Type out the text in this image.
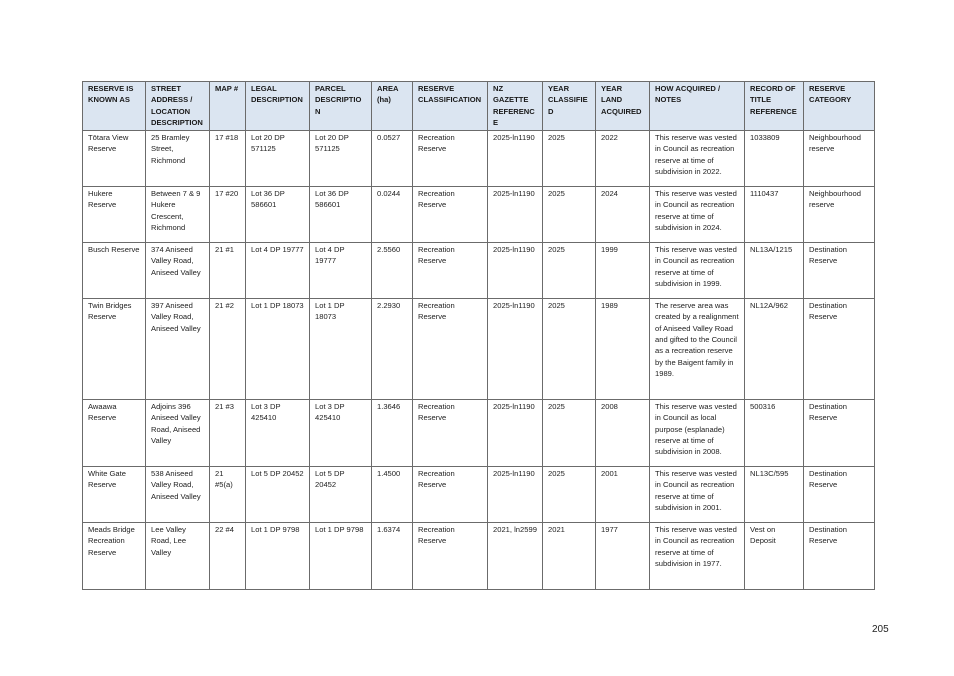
RESERVE IS KNOWN AS	STREET ADDRESS / LOCATION DESCRIPTION	MAP #	LEGAL DESCRIPTION	PARCEL DESCRIPTION	AREA (ha)	RESERVE CLASSIFICATION	NZ GAZETTE REFERENCE	YEAR CLASSIFIED	YEAR LAND ACQUIRED	HOW ACQUIRED / NOTES	RECORD OF TITLE REFERENCE	RESERVE CATEGORY
Tōtara View Reserve	25 Bramley Street, Richmond	17 #18	Lot 20 DP 571125	Lot 20 DP 571125	0.0527	Recreation Reserve	2025-ln1190	2025	2022	This reserve was vested in Council as recreation reserve at time of subdivision in 2022.	1033809	Neighbourhood reserve
Hukere Reserve	Between 7 & 9 Hukere Crescent, Richmond	17 #20	Lot 36 DP 586601	Lot 36 DP 586601	0.0244	Recreation Reserve	2025-ln1190	2025	2024	This reserve was vested in Council as recreation reserve at time of subdivision in 2024.	1110437	Neighbourhood reserve
Busch Reserve	374 Aniseed Valley Road, Aniseed Valley	21 #1	Lot 4 DP 19777	Lot 4 DP 19777	2.5560	Recreation Reserve	2025-ln1190	2025	1999	This reserve was vested in Council as recreation reserve at time of subdivision in 1999.	NL13A/1215	Destination Reserve
Twin Bridges Reserve	397 Aniseed Valley Road, Aniseed Valley	21 #2	Lot 1 DP 18073	Lot 1 DP 18073	2.2930	Recreation Reserve	2025-ln1190	2025	1989	The reserve area was created by a realignment of Aniseed Valley Road and gifted to the Council as a recreation reserve by the Baigent family in 1989.	NL12A/962	Destination Reserve
Awaawa Reserve	Adjoins 396 Aniseed Valley Road, Aniseed Valley	21 #3	Lot 3 DP 425410	Lot 3 DP 425410	1.3646	Recreation Reserve	2025-ln1190	2025	2008	This reserve was vested in Council as local purpose (esplanade) reserve at time of subdivision in 2008.	500316	Destination Reserve
White Gate Reserve	538 Aniseed Valley Road, Aniseed Valley	21 #5(a)	Lot 5 DP 20452	Lot 5 DP 20452	1.4500	Recreation Reserve	2025-ln1190	2025	2001	This reserve was vested in Council as recreation reserve at time of subdivision in 2001.	NL13C/595	Destination Reserve
Meads Bridge Recreation Reserve	Lee Valley Road, Lee Valley	22 #4	Lot 1 DP 9798	Lot 1 DP 9798	1.6374	Recreation Reserve	2021, ln2599	2021	1977	This reserve was vested in Council as recreation reserve at time of subdivision in 1977.	Vest on Deposit	Destination Reserve
205
